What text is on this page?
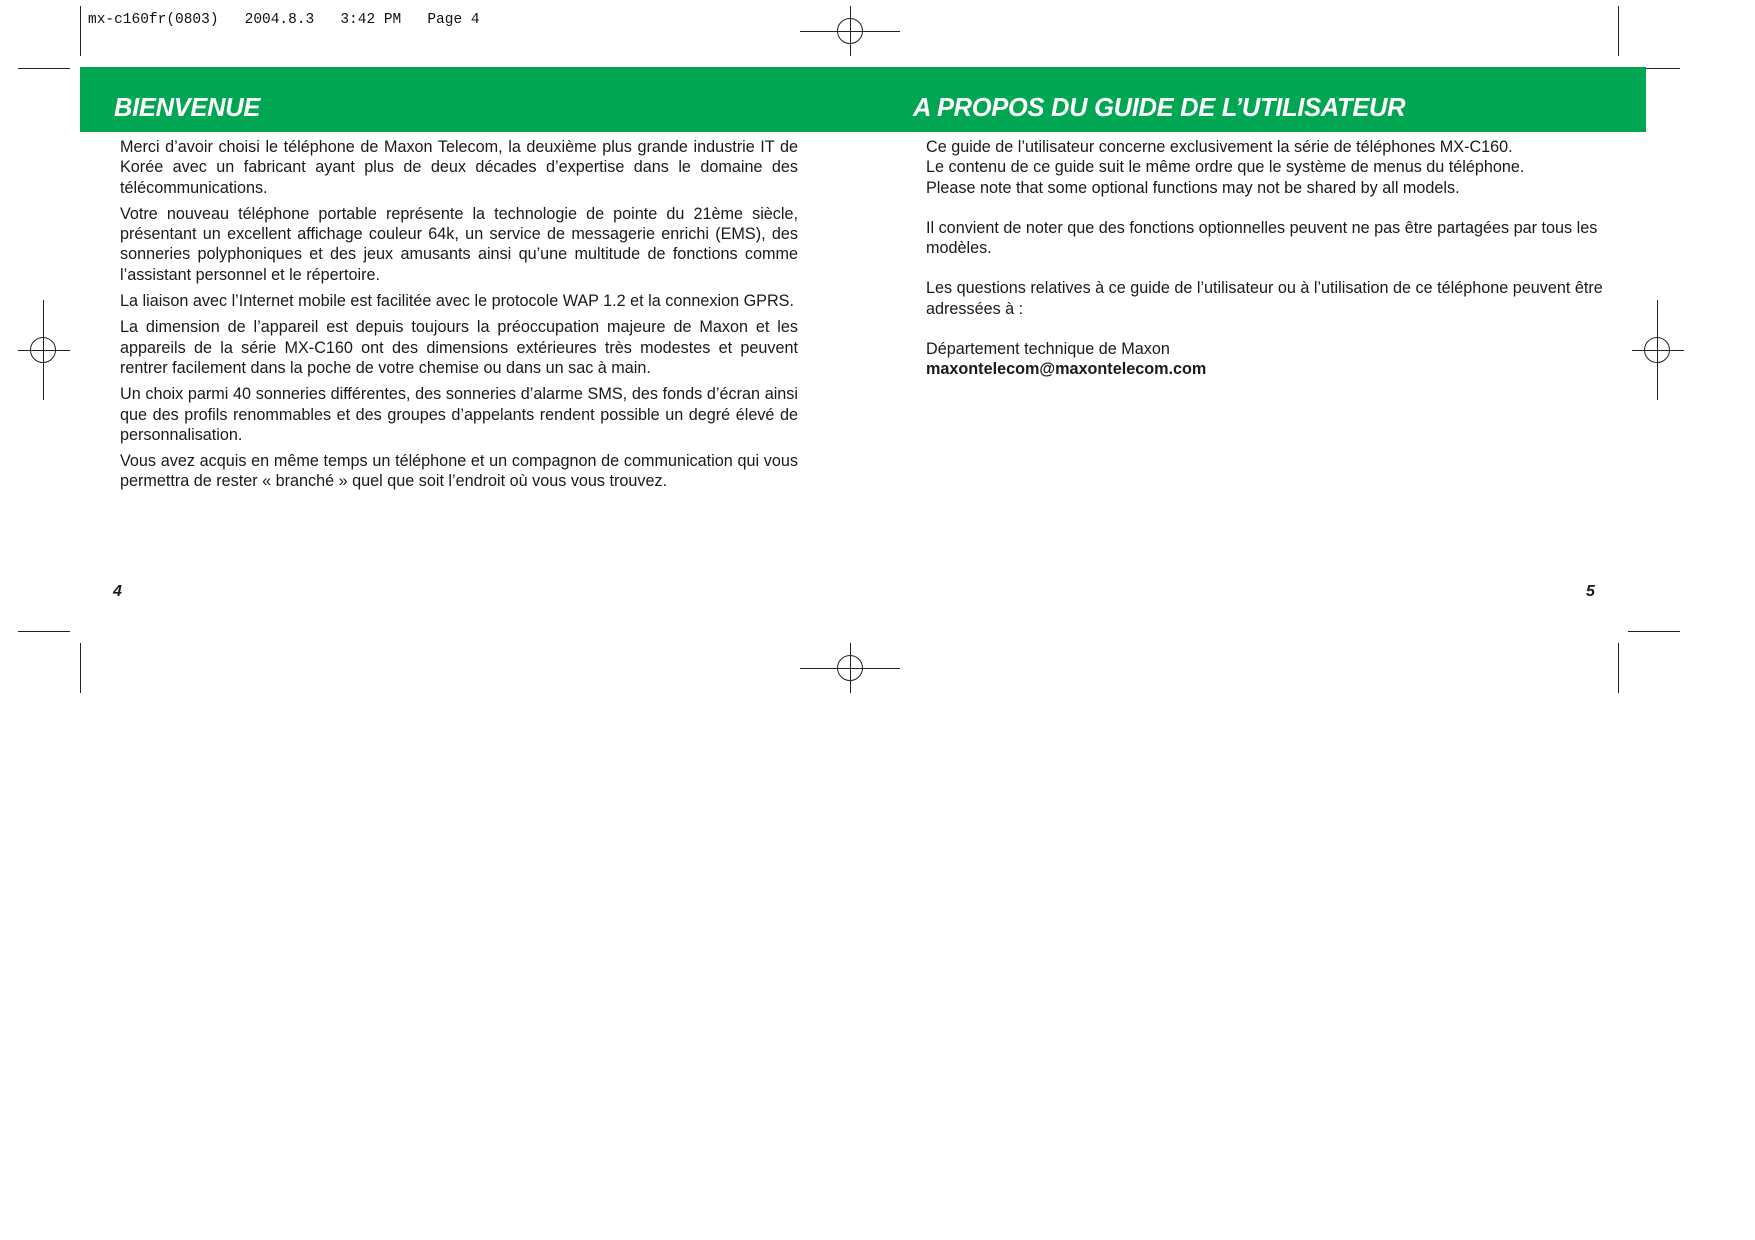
mx-c160fr(0803)   2004.8.3   3:42 PM   Page 4

BIENVENUE	A PROPOS DU GUIDE DE L’UTILISATEUR

Merci d’avoir choisi le téléphone de Maxon Telecom, la deuxième plus grande industrie IT de Korée avec un fabricant ayant plus de deux décades d’expertise dans le domaine des télécommunications.

Votre nouveau téléphone portable représente la technologie de pointe du 21ème siècle, présentant un excellent affichage couleur 64k, un service de messagerie enrichi (EMS), des sonneries polyphoniques et des jeux amusants ainsi qu’une multitude de fonctions comme l’assistant personnel et le répertoire.

La liaison avec l’Internet mobile est facilitée avec le protocole WAP 1.2 et la connexion GPRS.

La dimension de l’appareil est depuis toujours la préoccupation majeure de Maxon et les appareils de la série MX-C160 ont des dimensions extérieures très modestes et peuvent rentrer facilement dans la poche de votre chemise ou dans un sac à main.

Un choix parmi 40 sonneries différentes, des sonneries d’alarme SMS, des fonds d’écran ainsi que des profils renommables et des groupes d’appelants rendent possible un degré élevé de personnalisation.

Vous avez acquis en même temps un téléphone et un compagnon de communication qui vous permettra de rester « branché » quel que soit l’endroit où vous vous trouvez.

Ce guide de l’utilisateur concerne exclusivement la série de téléphones MX-C160.
Le contenu de ce guide suit le même ordre que le système de menus du téléphone.
Please note that some optional functions may not be shared by all models.

Il convient de noter que des fonctions optionnelles peuvent ne pas être partagées par tous les modèles.

Les questions relatives à ce guide de l’utilisateur ou à l’utilisation de ce téléphone peuvent être adressées à :

Département technique de Maxon
maxontelecom@maxontelecom.com

4	5
